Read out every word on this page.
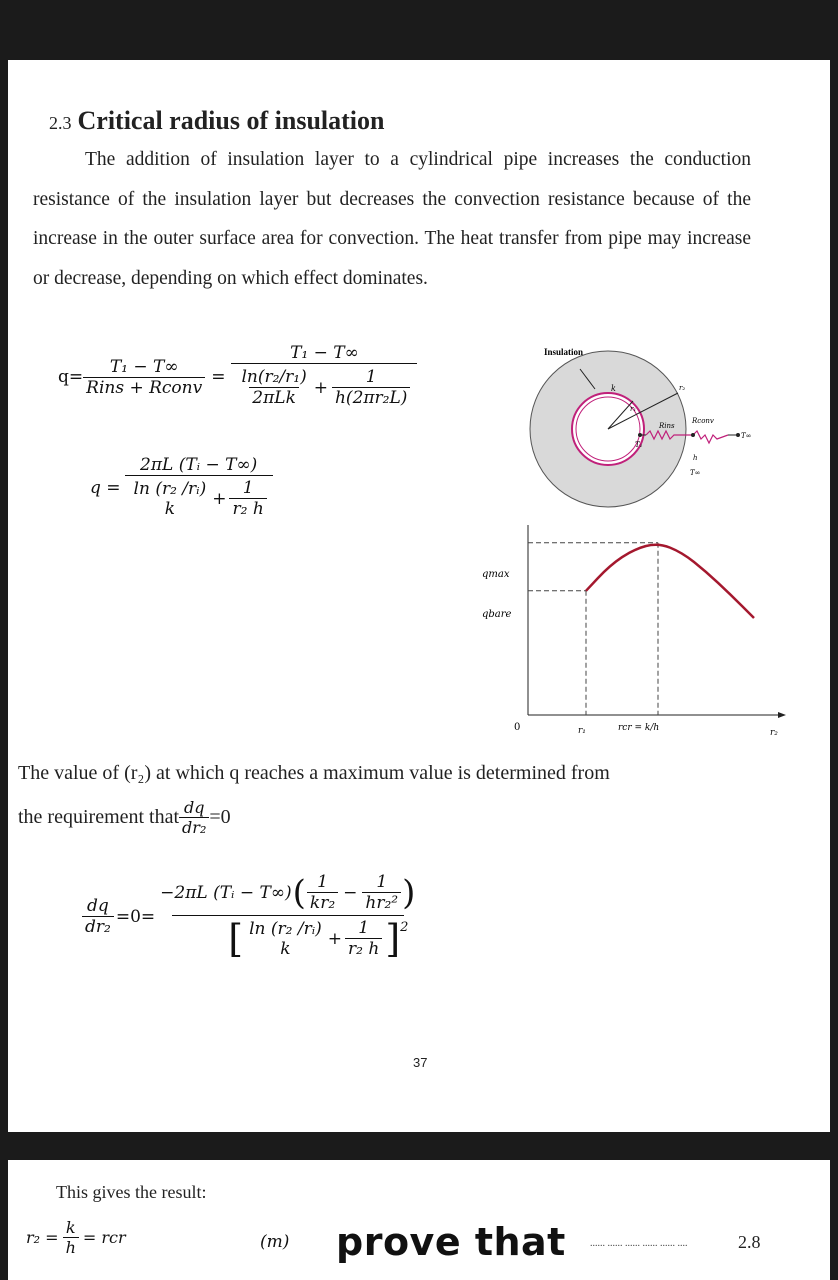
2.3 Critical radius of insulation
The addition of insulation layer to a cylindrical pipe increases the conduction resistance of the insulation layer but decreases the convection resistance because of the increase in the outer surface area for convection. The heat transfer from pipe may increase or decrease, depending on which effect dominates.
$q= \frac{\text{T₁ − T∞}}{\text{Rins + Rconv}}$ =
T₁ − T∞
$\frac{\text{ln(r₂/r₁)}}{\text{2πLk}} + \frac{1}{\text{h(2πr₂L)}}$
q =
2πL (Tᵢ − T∞)
ln (r₂ /rᵢ)
$k + \frac{1}{\text{r₂ h}}$
Insulation
k
r₁
r₂
Rins
Rconv
T∞
T₁
h
T∞
qmax
qbare
0	r₁	rcr = k/h	r₂
The value of (r₂) at which q reaches a maximum value is determined from
the requirement that $\frac{dq}{\text{dr₂}} =0$
$\frac{dq}{\text{dr₂}} =0=$
−2πL (Tᵢ − T∞) ( $\frac{1}{\text{kr₂}} - \frac{1}{\text{hr₂²}}$ )
[ ln (r₂ /rᵢ)
$k + \frac{1}{\text{r₂ h}} ]^2$
37
This gives the result:
$r_2 = \frac{k}{h}$ = rcr	(m) prove that ...... ...... ...... ...... ...... ....	2.8
